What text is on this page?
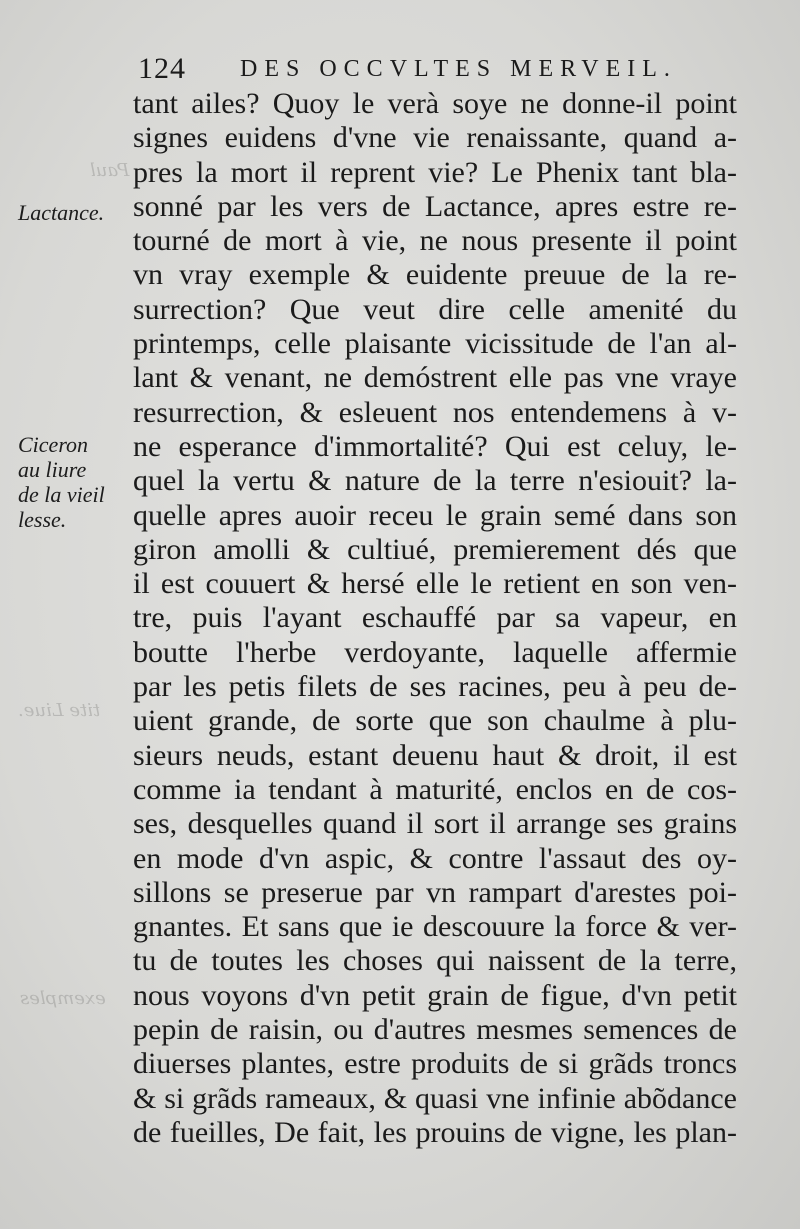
Paul
tite Liue.
exemples
124 DES OCCVLTES MERVEIL.
Lactance.
Ciceron
au liure
de la vieil
lesse.
tant ailes? Quoy le verà soye ne donne-il point
signes euidens d'vne vie renaissante, quand a-
pres la mort il reprent vie? Le Phenix tant bla-
sonné par les vers de Lactance, apres estre re-
tourné de mort à vie, ne nous presente il point
vn vray exemple & euidente preuue de la re-
surrection? Que veut dire celle amenité du
printemps, celle plaisante vicissitude de l'an al-
lant & venant, ne demóstrent elle pas vne vraye
resurrection, & esleuent nos entendemens à v-
ne esperance d'immortalité? Qui est celuy, le-
quel la vertu & nature de la terre n'esiouit? la-
quelle apres auoir receu le grain semé dans son
giron amolli & cultiué, premierement dés que
il est couuert & hersé elle le retient en son ven-
tre, puis l'ayant eschauffé par sa vapeur, en
boutte l'herbe verdoyante, laquelle affermie
par les petis filets de ses racines, peu à peu de-
uient grande, de sorte que son chaulme à plu-
sieurs neuds, estant deuenu haut & droit, il est
comme ia tendant à maturité, enclos en de cos-
ses, desquelles quand il sort il arrange ses grains
en mode d'vn aspic, & contre l'assaut des oy-
sillons se preserue par vn rampart d'arestes poi-
gnantes. Et sans que ie descouure la force & ver-
tu de toutes les choses qui naissent de la terre,
nous voyons d'vn petit grain de figue, d'vn petit
pepin de raisin, ou d'autres mesmes semences de
diuerses plantes, estre produits de si grãds troncs
& si grãds rameaux, & quasi vne infinie abõdance
de fueilles, De fait, les prouins de vigne, les plan-
